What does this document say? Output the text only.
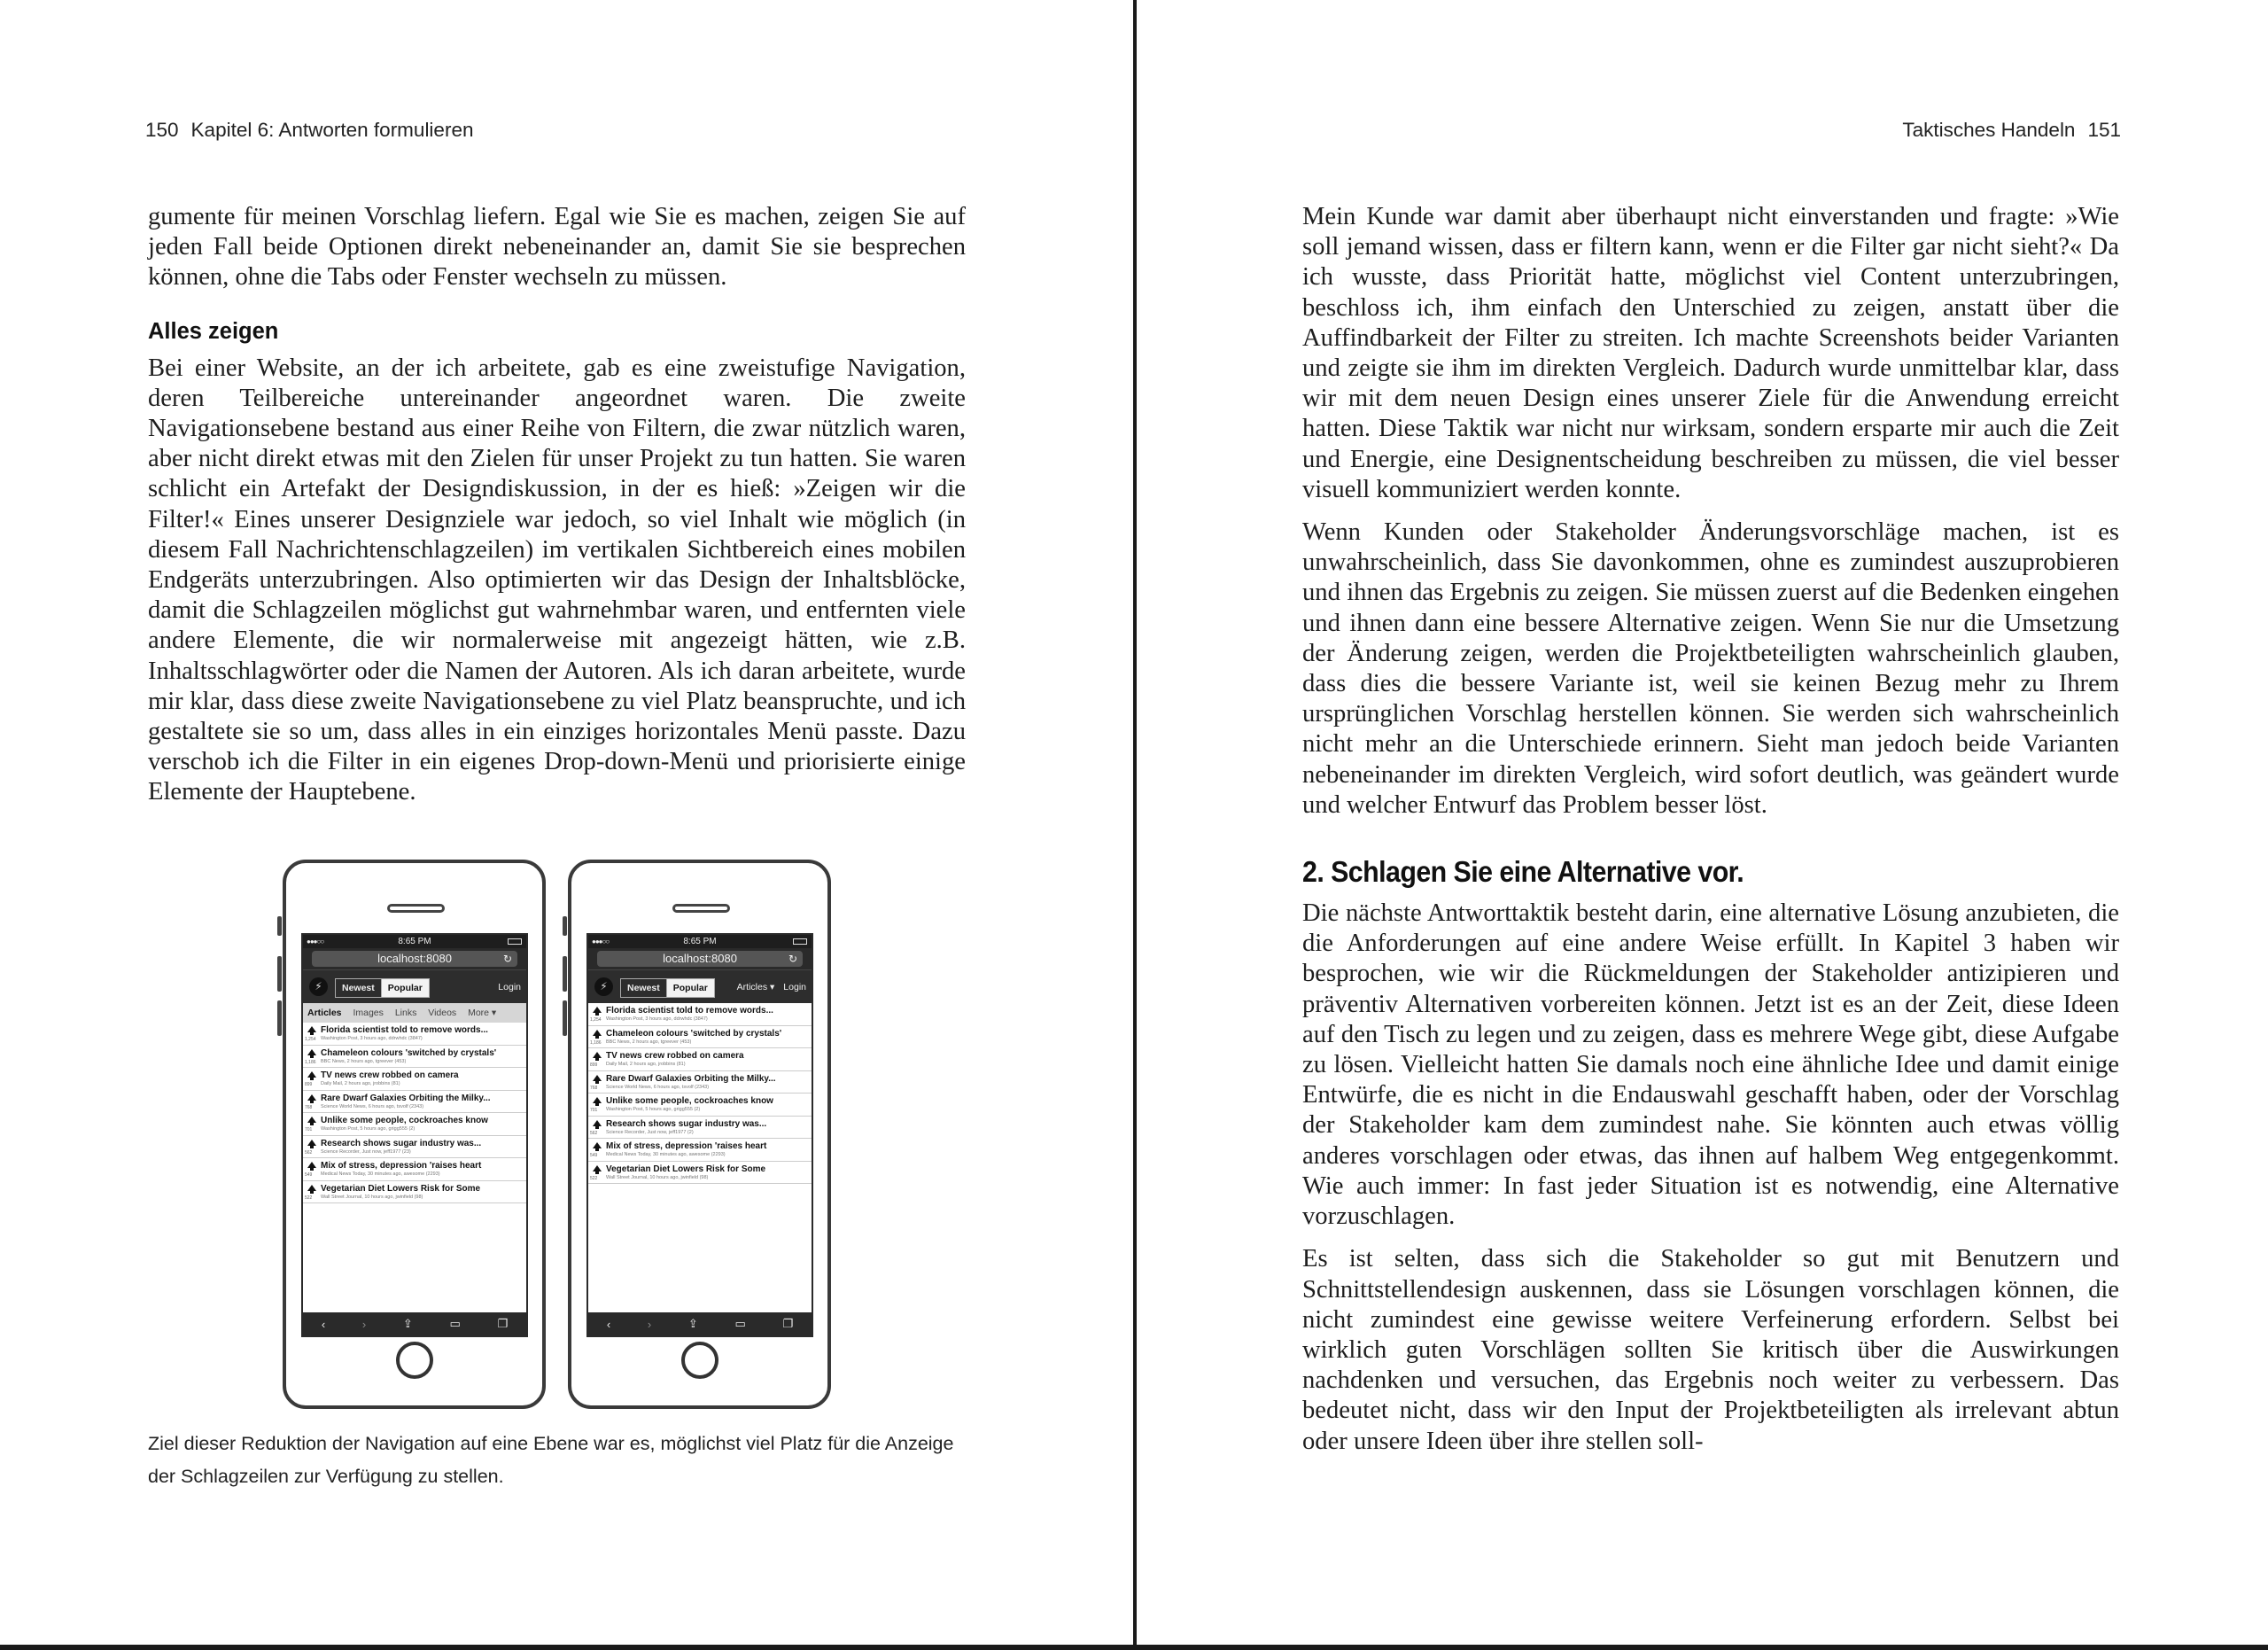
150 Kapitel 6: Antworten formulieren

gumente für meinen Vorschlag liefern. Egal wie Sie es machen, zeigen Sie auf jeden Fall beide Optionen direkt nebeneinander an, damit Sie sie besprechen können, ohne die Tabs oder Fenster wechseln zu müssen.

Alles zeigen

Bei einer Website, an der ich arbeitete, gab es eine zweistufige Navigation, deren Teilbereiche untereinander angeordnet waren. Die zweite Navigationsebene bestand aus einer Reihe von Filtern, die zwar nützlich waren, aber nicht direkt etwas mit den Zielen für unser Projekt zu tun hatten. Sie waren schlicht ein Artefakt der Designdiskussion, in der es hieß: »Zeigen wir die Filter!« Eines unserer Designziele war jedoch, so viel Inhalt wie möglich (in diesem Fall Nachrichtenschlagzeilen) im vertikalen Sichtbereich eines mobilen Endgeräts unterzubringen. Also optimierten wir das Design der Inhaltsblöcke, damit die Schlagzeilen möglichst gut wahrnehmbar waren, und entfernten viele andere Elemente, die wir normalerweise mit angezeigt hätten, wie z.B. Inhaltsschlagwörter oder die Namen der Autoren. Als ich daran arbeitete, wurde mir klar, dass diese zweite Navigationsebene zu viel Platz beanspruchte, und ich gestaltete sie so um, dass alles in ein einziges horizontales Menü passte. Dazu verschob ich die Filter in ein eigenes Drop-down-Menü und priorisierte einige Elemente der Hauptebene.

●●●○○	8:65 PM
localhost:8080	↻
⚡	Newest	Popular	Login
Articles Images Links Videos More ▾
1,254
Florida scientist told to remove words...
Washington Post, 3 hours ago, ddrwhdc (3847)
1,186
Chameleon colours 'switched by crystals'
BBC News, 2 hours ago, tgreever (453)
899
TV news crew robbed on camera
Daily Mail, 2 hours ago, jrobbins (81)
768
Rare Dwarf Galaxies Orbiting the Milky...
Science World News, 6 hours ago, tsvolf (2343)
701
Unlike some people, cockroaches know
Washington Post, 5 hours ago, grigg555 (2)
562
Research shows sugar industry was...
Science Recorder, Just now, jeff1977 (23)
549
Mix of stress, depression 'raises heart
Medical News Today, 30 minutes ago, awesome (2293)
522
Vegetarian Diet Lowers Risk for Some
Wall Street Journal, 10 hours ago, jwinfield (98)
‹	›	⇪	▭	❐
●●●○○	8:65 PM
localhost:8080	↻
⚡	Newest	Popular	Articles ▾ Login
1,254
Florida scientist told to remove words...
Washington Post, 3 hours ago, ddrwhdc (3847)
1,186
Chameleon colours 'switched by crystals'
BBC News, 2 hours ago, tgreever (453)
899
TV news crew robbed on camera
Daily Mail, 2 hours ago, jrobbins (81)
768
Rare Dwarf Galaxies Orbiting the Milky...
Science World News, 6 hours ago, tsvolf (2343)
701
Unlike some people, cockroaches know
Washington Post, 5 hours ago, grigg555 (2)
562
Research shows sugar industry was...
Science Recorder, Just now, jeff1977 (2)
549
Mix of stress, depression 'raises heart
Medical News Today, 30 minutes ago, awesome (2293)
522
Vegetarian Diet Lowers Risk for Some
Wall Street Journal, 10 hours ago, jwinfield (98)
‹	›	⇪	▭	❐
Ziel dieser Reduktion der Navigation auf eine Ebene war es, möglichst viel Platz für die Anzeige der Schlagzeilen zur Verfügung zu stellen.
Taktisches Handeln 151

Mein Kunde war damit aber überhaupt nicht einverstanden und fragte: »Wie soll jemand wissen, dass er filtern kann, wenn er die Filter gar nicht sieht?« Da ich wusste, dass Priorität hatte, möglichst viel Content unterzubringen, beschloss ich, ihm einfach den Unterschied zu zeigen, anstatt über die Auffindbarkeit der Filter zu streiten. Ich machte Screenshots beider Varianten und zeigte sie ihm im direkten Vergleich. Dadurch wurde unmittelbar klar, dass wir mit dem neuen Design eines unserer Ziele für die Anwendung erreicht hatten. Diese Taktik war nicht nur wirksam, sondern ersparte mir auch die Zeit und Energie, eine Designentscheidung beschreiben zu müssen, die viel besser visuell kommuniziert werden konnte.

Wenn Kunden oder Stakeholder Änderungsvorschläge machen, ist es unwahrscheinlich, dass Sie davonkommen, ohne es zumindest auszuprobieren und ihnen das Ergebnis zu zeigen. Sie müssen zuerst auf die Bedenken eingehen und ihnen dann eine bessere Alternative zeigen. Wenn Sie nur die Umsetzung der Änderung zeigen, werden die Projektbeteiligten wahrscheinlich glauben, dass dies die bessere Variante ist, weil sie keinen Bezug mehr zu Ihrem ursprünglichen Vorschlag herstellen können. Sie werden sich wahrscheinlich nicht mehr an die Unterschiede erinnern. Sieht man jedoch beide Varianten nebeneinander im direkten Vergleich, wird sofort deutlich, was geändert wurde und welcher Entwurf das Problem besser löst.

2. Schlagen Sie eine Alternative vor.

Die nächste Antworttaktik besteht darin, eine alternative Lösung anzubieten, die die Anforderungen auf eine andere Weise erfüllt. In Kapitel 3 haben wir besprochen, wie wir die Rückmeldungen der Stakeholder antizipieren und präventiv Alternativen vorbereiten können. Jetzt ist es an der Zeit, diese Ideen auf den Tisch zu legen und zu zeigen, dass es mehrere Wege gibt, diese Aufgabe zu lösen. Vielleicht hatten Sie damals noch eine ähnliche Idee und damit einige Entwürfe, die es nicht in die Endauswahl geschafft haben, oder der Vorschlag der Stakeholder kam dem zumindest nahe. Sie könnten auch etwas völlig anderes vorschlagen oder etwas, das ihnen auf halbem Weg entgegenkommt. Wie auch immer: In fast jeder Situation ist es notwendig, eine Alternative vorzuschlagen.

Es ist selten, dass sich die Stakeholder so gut mit Benutzern und Schnittstellendesign auskennen, dass sie Lösungen vorschlagen können, die nicht zumindest eine gewisse weitere Verfeinerung erfordern. Selbst bei wirklich guten Vorschlägen sollten Sie kritisch über die Auswirkungen nachdenken und versuchen, das Ergebnis noch weiter zu verbessern. Das bedeutet nicht, dass wir den Input der Projektbeteiligten als irrelevant abtun oder unsere Ideen über ihre stellen soll-
